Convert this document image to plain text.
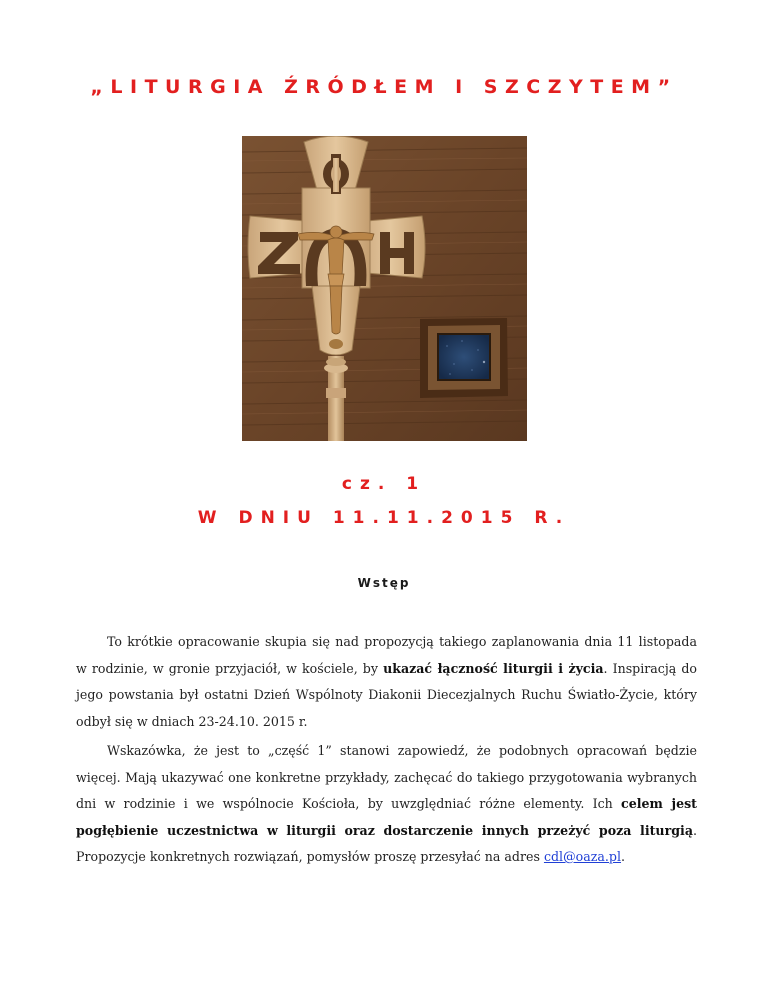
„LITURGIA ŹRÓDŁEM I SZCZYTEM”
cz. 1
W DNIU 11.11.2015 R.
Wstęp

To krótkie opracowanie skupia się nad propozycją takiego zaplanowania dnia 11 listopada w rodzinie, w gronie przyjaciół, w kościele, by ukazać łączność liturgii i życia. Inspiracją do jego powstania był ostatni Dzień Wspólnoty Diakonii Diecezjalnych Ruchu Światło-Życie, który odbył się w dniach 23-24.10. 2015 r.

Wskazówka, że jest to „część 1” stanowi zapowiedź, że podobnych opracowań będzie więcej. Mają ukazywać one konkretne przykłady, zachęcać do takiego przygotowania wybranych dni w rodzinie i we wspólnocie Kościoła, by uwzględniać różne elementy. Ich celem jest pogłębienie uczestnictwa w liturgii oraz dostarczenie innych przeżyć poza liturgią. Propozycje konkretnych rozwiązań, pomysłów proszę przesyłać na adres cdl@oaza.pl.
